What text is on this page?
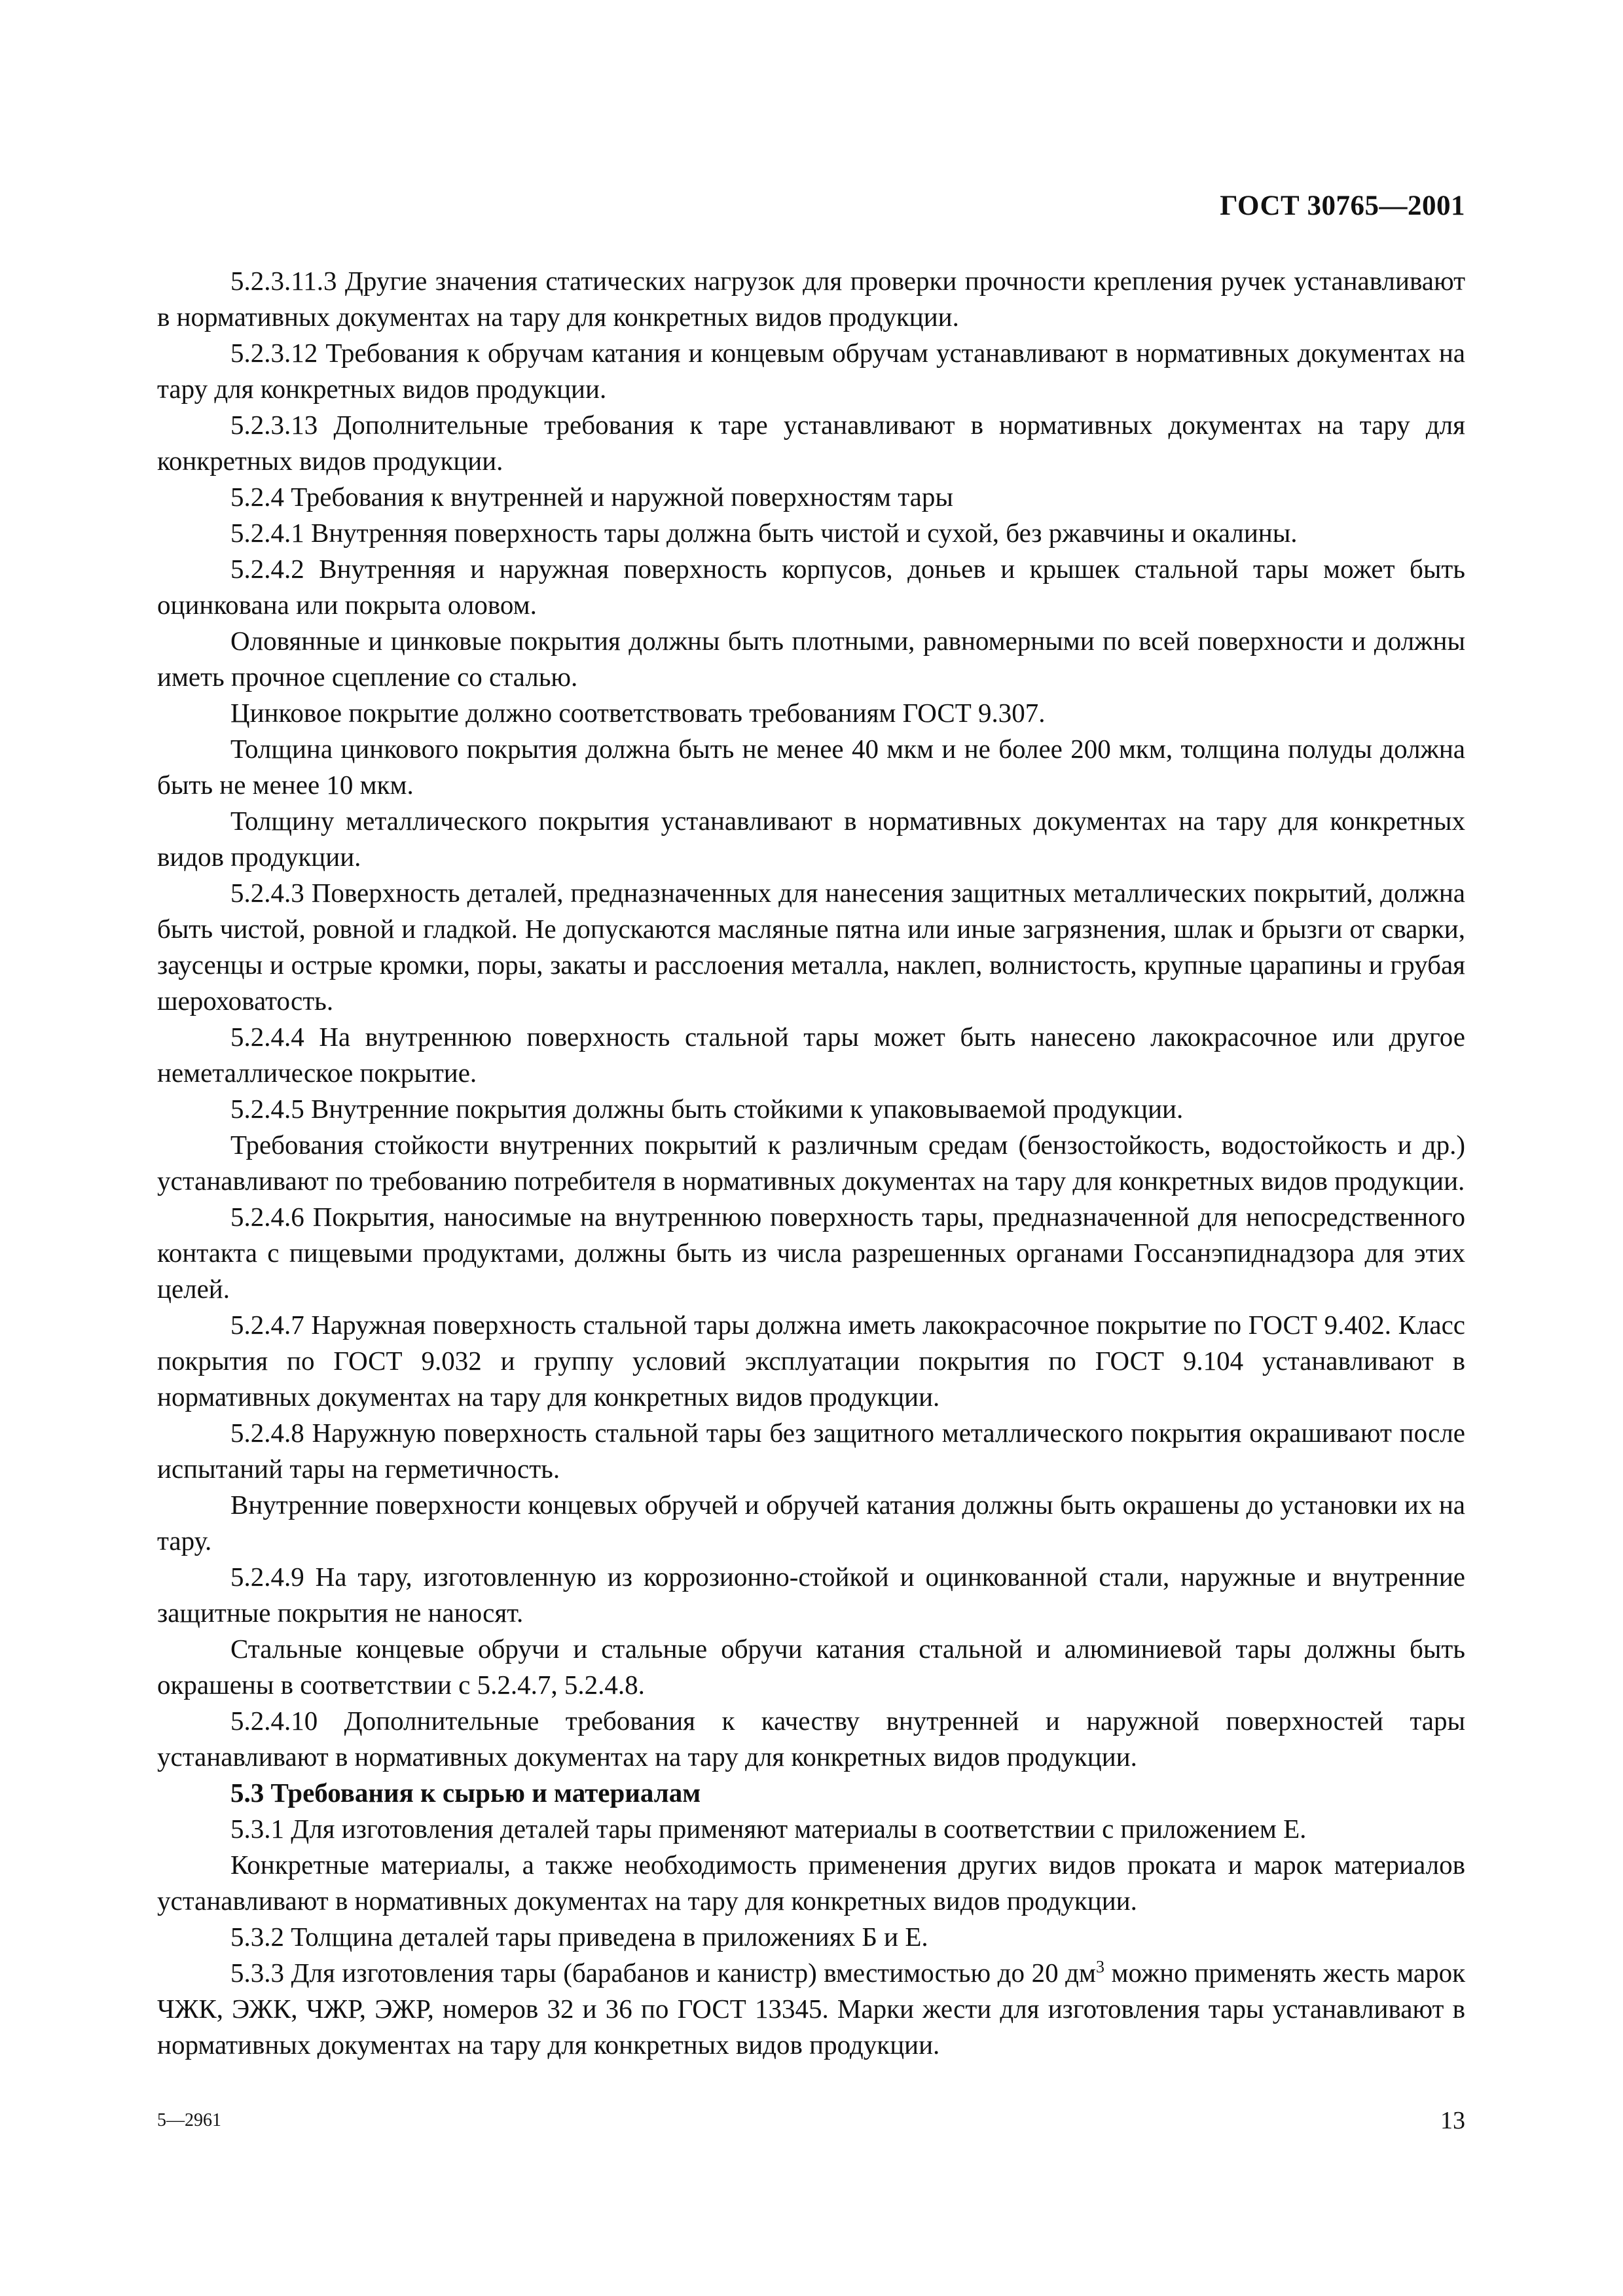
ГОСТ 30765—2001

5.2.3.11.3 Другие значения статических нагрузок для проверки прочности крепления ручек устанавливают в нормативных документах на тару для конкретных видов продукции.

5.2.3.12 Требования к обручам катания и концевым обручам устанавливают в нормативных документах на тару для конкретных видов продукции.

5.2.3.13 Дополнительные требования к таре устанавливают в нормативных документах на тару для конкретных видов продукции.

5.2.4 Требования к внутренней и наружной поверхностям тары

5.2.4.1 Внутренняя поверхность тары должна быть чистой и сухой, без ржавчины и окалины.

5.2.4.2 Внутренняя и наружная поверхность корпусов, доньев и крышек стальной тары может быть оцинкована или покрыта оловом.

Оловянные и цинковые покрытия должны быть плотными, равномерными по всей поверхности и должны иметь прочное сцепление со сталью.

Цинковое покрытие должно соответствовать требованиям ГОСТ 9.307.

Толщина цинкового покрытия должна быть не менее 40 мкм и не более 200 мкм, толщина полуды должна быть не менее 10 мкм.

Толщину металлического покрытия устанавливают в нормативных документах на тару для конкретных видов продукции.

5.2.4.3 Поверхность деталей, предназначенных для нанесения защитных металлических покрытий, должна быть чистой, ровной и гладкой. Не допускаются масляные пятна или иные загрязнения, шлак и брызги от сварки, заусенцы и острые кромки, поры, закаты и расслоения металла, наклеп, волнистость, крупные царапины и грубая шероховатость.

5.2.4.4 На внутреннюю поверхность стальной тары может быть нанесено лакокрасочное или другое неметаллическое покрытие.

5.2.4.5 Внутренние покрытия должны быть стойкими к упаковываемой продукции.

Требования стойкости внутренних покрытий к различным средам (бензостойкость, водостойкость и др.) устанавливают по требованию потребителя в нормативных документах на тару для конкретных видов продукции.

5.2.4.6 Покрытия, наносимые на внутреннюю поверхность тары, предназначенной для непосредственного контакта с пищевыми продуктами, должны быть из числа разрешенных органами Госсанэпиднадзора для этих целей.

5.2.4.7 Наружная поверхность стальной тары должна иметь лакокрасочное покрытие по ГОСТ 9.402. Класс покрытия по ГОСТ 9.032 и группу условий эксплуатации покрытия по ГОСТ 9.104 устанавливают в нормативных документах на тару для конкретных видов продукции.

5.2.4.8 Наружную поверхность стальной тары без защитного металлического покрытия окрашивают после испытаний тары на герметичность.

Внутренние поверхности концевых обручей и обручей катания должны быть окрашены до установки их на тару.

5.2.4.9 На тару, изготовленную из коррозионно-стойкой и оцинкованной стали, наружные и внутренние защитные покрытия не наносят.

Стальные концевые обручи и стальные обручи катания стальной и алюминиевой тары должны быть окрашены в соответствии с 5.2.4.7, 5.2.4.8.

5.2.4.10 Дополнительные требования к качеству внутренней и наружной поверхностей тары устанавливают в нормативных документах на тару для конкретных видов продукции.

5.3 Требования к сырью и материалам

5.3.1 Для изготовления деталей тары применяют материалы в соответствии с приложением Е.

Конкретные материалы, а также необходимость применения других видов проката и марок материалов устанавливают в нормативных документах на тару для конкретных видов продукции.

5.3.2 Толщина деталей тары приведена в приложениях Б и Е.

5.3.3 Для изготовления тары (барабанов и канистр) вместимостью до 20 $дм^3$ можно применять жесть марок ЧЖК, ЭЖК, ЧЖР, ЭЖР, номеров 32 и 36 по ГОСТ 13345. Марки жести для изготовления тары устанавливают в нормативных документах на тару для конкретных видов продукции.

5—2961	13
